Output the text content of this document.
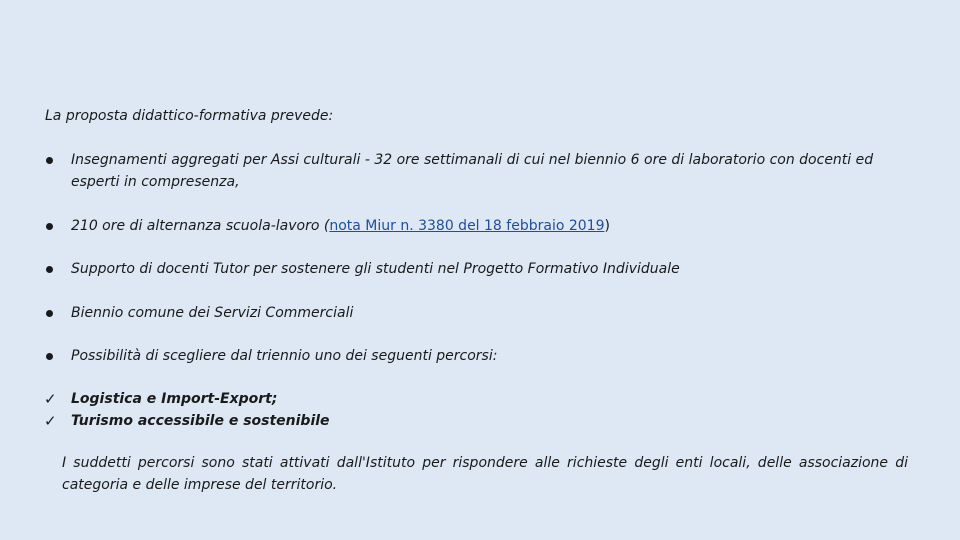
La proposta didattico-formativa prevede:

Insegnamenti aggregati per Assi culturali - 32 ore settimanali di cui nel biennio 6 ore di laboratorio con docenti ed esperti in compresenza,
210 ore di alternanza scuola-lavoro (nota Miur n. 3380 del 18 febbraio 2019)
Supporto di docenti Tutor per sostenere gli studenti nel Progetto Formativo Individuale
Biennio comune dei Servizi Commerciali
Possibilità di scegliere dal triennio uno dei seguenti percorsi:
✓ Logistica e Import-Export;
✓ Turismo accessibile e sostenibile

I suddetti percorsi sono stati attivati dall'Istituto per rispondere alle richieste degli enti locali, delle associazione di categoria e delle imprese del territorio.
